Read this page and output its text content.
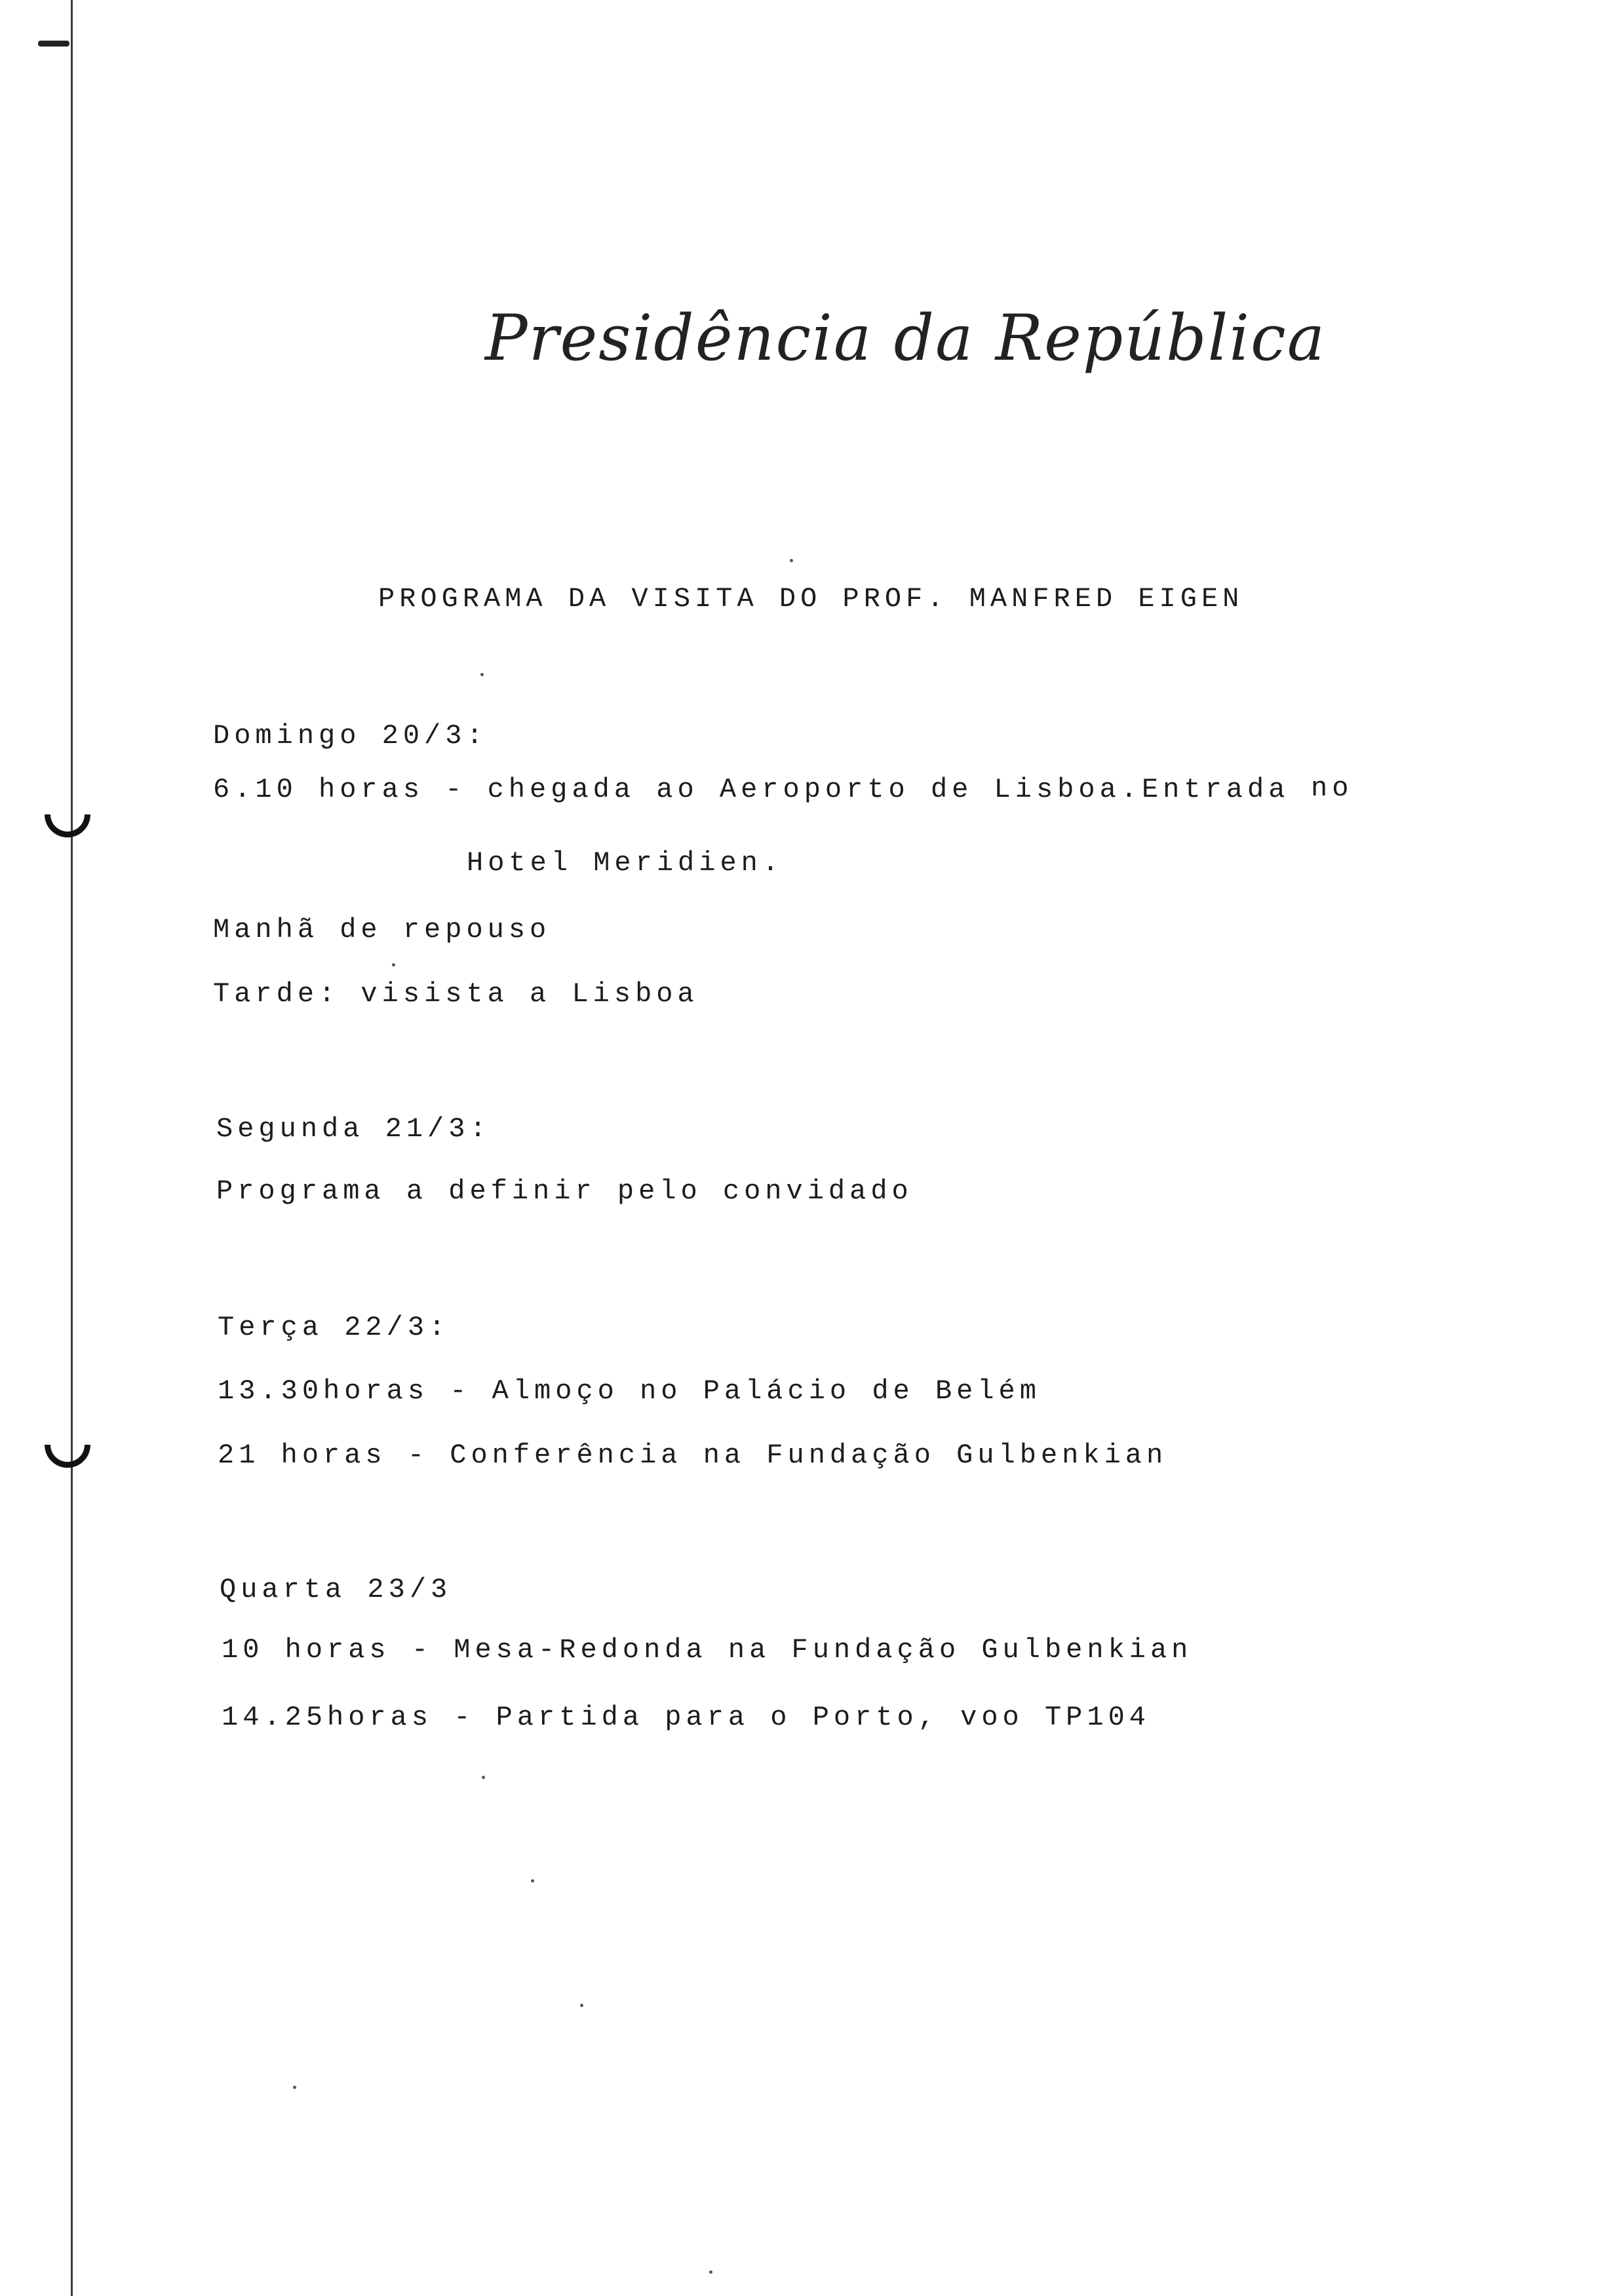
Presidência da República
PROGRAMA DA VISITA DO PROF. MANFRED EIGEN
Domingo 20/3:
6.10 horas - chegada ao Aeroporto de Lisboa.Entrada no
Hotel Meridien.
Manhã de repouso
Tarde: visista a Lisboa
Segunda 21/3:
Programa a definir pelo convidado
Terça 22/3:
13.30horas - Almoço no Palácio de Belém
21 horas - Conferência na Fundação Gulbenkian
Quarta 23/3
10 horas - Mesa-Redonda na Fundação Gulbenkian
14.25horas - Partida para o Porto, voo TP104
